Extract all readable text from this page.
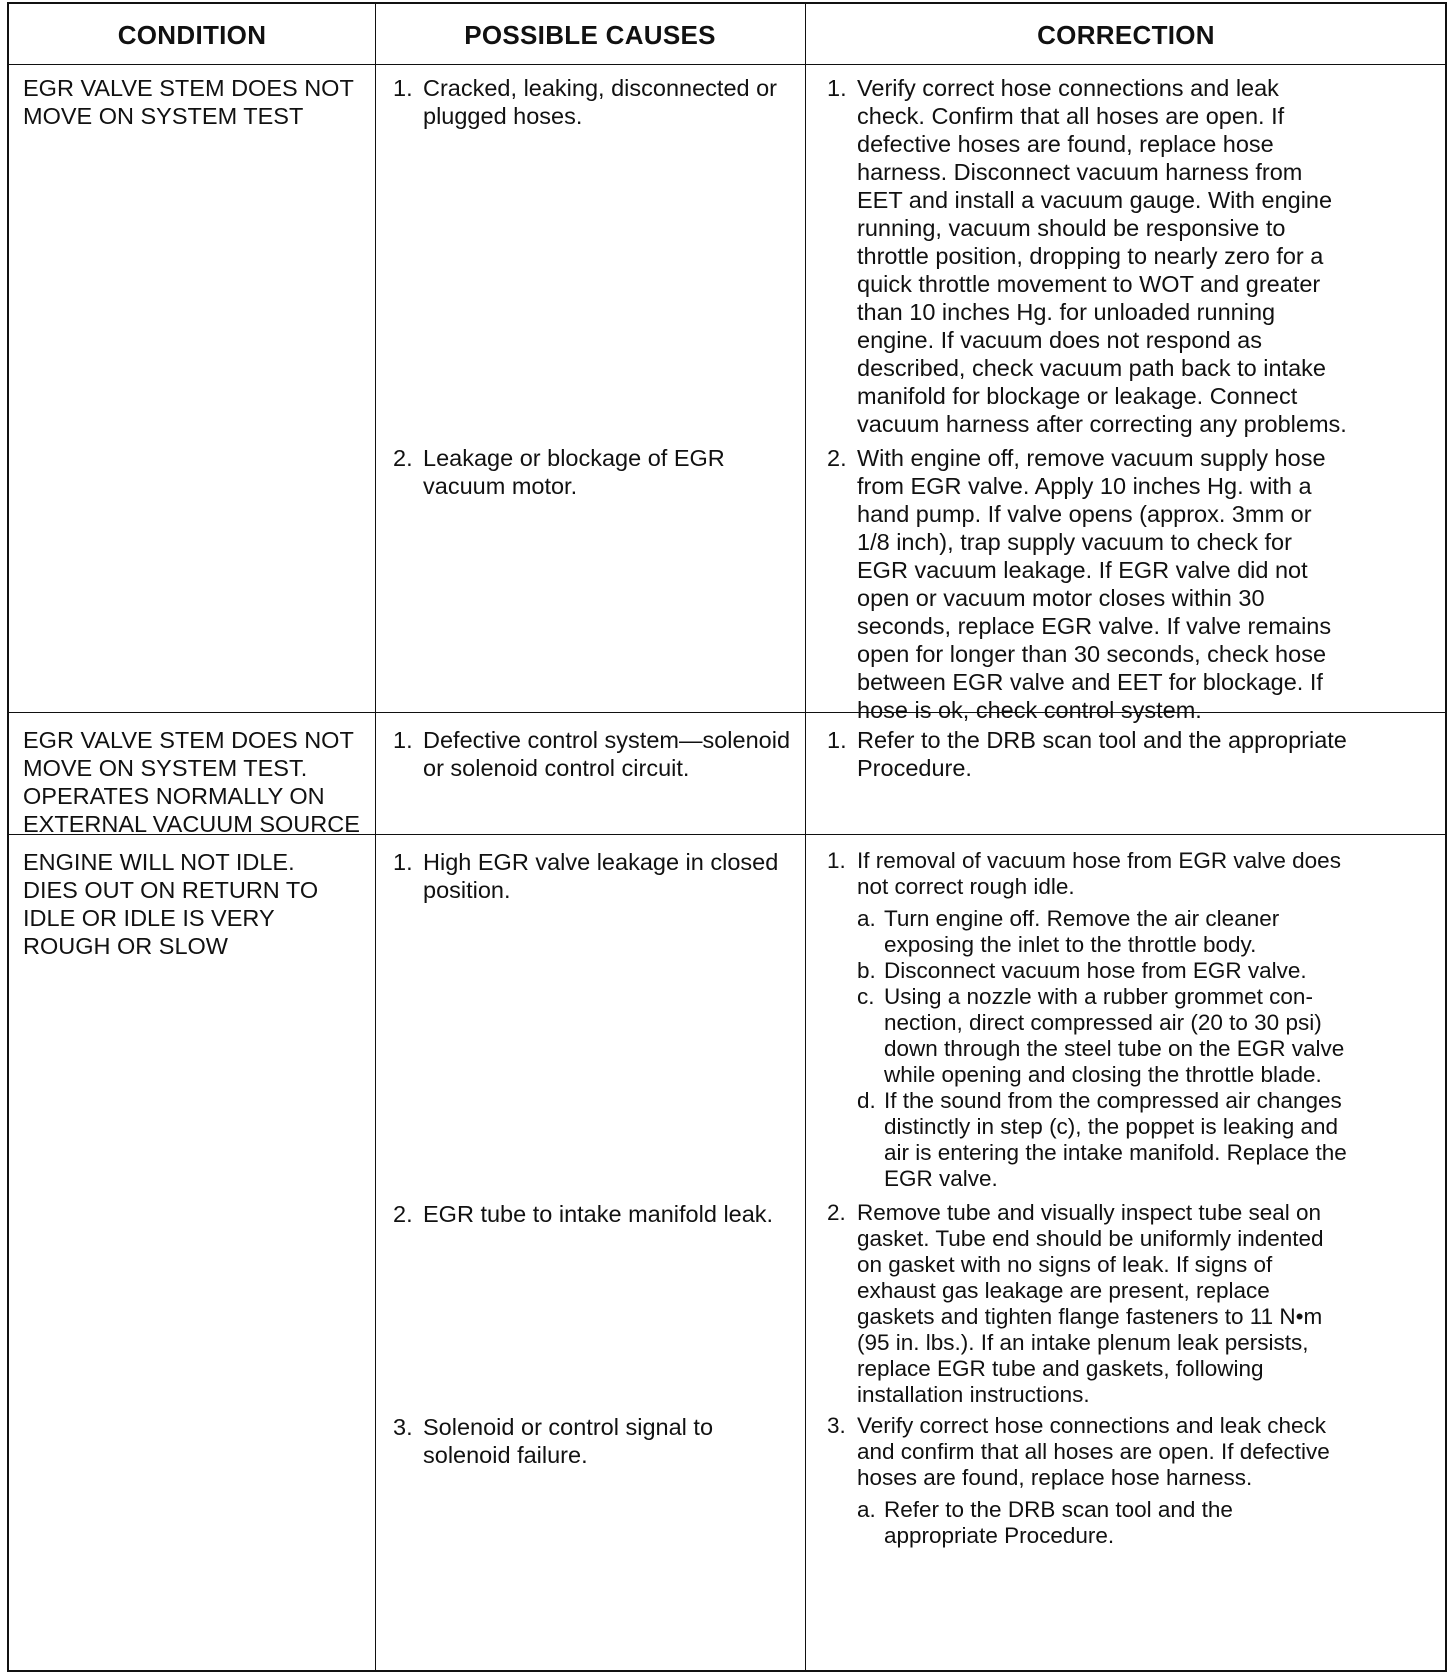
CONDITION	POSSIBLE CAUSES	CORRECTION
EGR VALVE STEM DOES NOT MOVE ON SYSTEM TEST
1. Cracked, leaking, disconnected or plugged hoses.
2. Leakage or blockage of EGR vacuum motor.
1. Verify correct hose connections and leak check. Confirm that all hoses are open. If defective hoses are found, replace hose harness. Disconnect vacuum harness from EET and install a vacuum gauge. With engine running, vacuum should be responsive to throttle position, dropping to nearly zero for a quick throttle movement to WOT and greater than 10 inches Hg. for unloaded running engine. If vacuum does not respond as described, check vacuum path back to intake manifold for blockage or leakage. Connect vacuum harness after correcting any problems.
2. With engine off, remove vacuum supply hose from EGR valve. Apply 10 inches Hg. with a hand pump. If valve opens (approx. 3mm or 1/8 inch), trap supply vacuum to check for EGR vacuum leakage. If EGR valve did not open or vacuum motor closes within 30 seconds, replace EGR valve. If valve remains open for longer than 30 seconds, check hose between EGR valve and EET for blockage. If hose is ok, check control system.
EGR VALVE STEM DOES NOT MOVE ON SYSTEM TEST. OPERATES NORMALLY ON EXTERNAL VACUUM SOURCE
1. Defective control system—solenoid or solenoid control circuit.
1. Refer to the DRB scan tool and the appropriate Procedure.
ENGINE WILL NOT IDLE. DIES OUT ON RETURN TO IDLE OR IDLE IS VERY ROUGH OR SLOW
1. High EGR valve leakage in closed position.
2. EGR tube to intake manifold leak.
3. Solenoid or control signal to solenoid failure.
1. If removal of vacuum hose from EGR valve does not correct rough idle.
a. Turn engine off. Remove the air cleaner exposing the inlet to the throttle body.
b. Disconnect vacuum hose from EGR valve.
c. Using a nozzle with a rubber grommet con-nection, direct compressed air (20 to 30 psi) down through the steel tube on the EGR valve while opening and closing the throttle blade.
d. If the sound from the compressed air changes distinctly in step (c), the poppet is leaking and air is entering the intake manifold. Replace the EGR valve.
2. Remove tube and visually inspect tube seal on gasket. Tube end should be uniformly indented on gasket with no signs of leak. If signs of exhaust gas leakage are present, replace gaskets and tighten flange fasteners to 11 N•m (95 in. lbs.). If an intake plenum leak persists, replace EGR tube and gaskets, following installation instructions.
3. Verify correct hose connections and leak check and confirm that all hoses are open. If defective hoses are found, replace hose harness.
a. Refer to the DRB scan tool and the appropriate Procedure.
